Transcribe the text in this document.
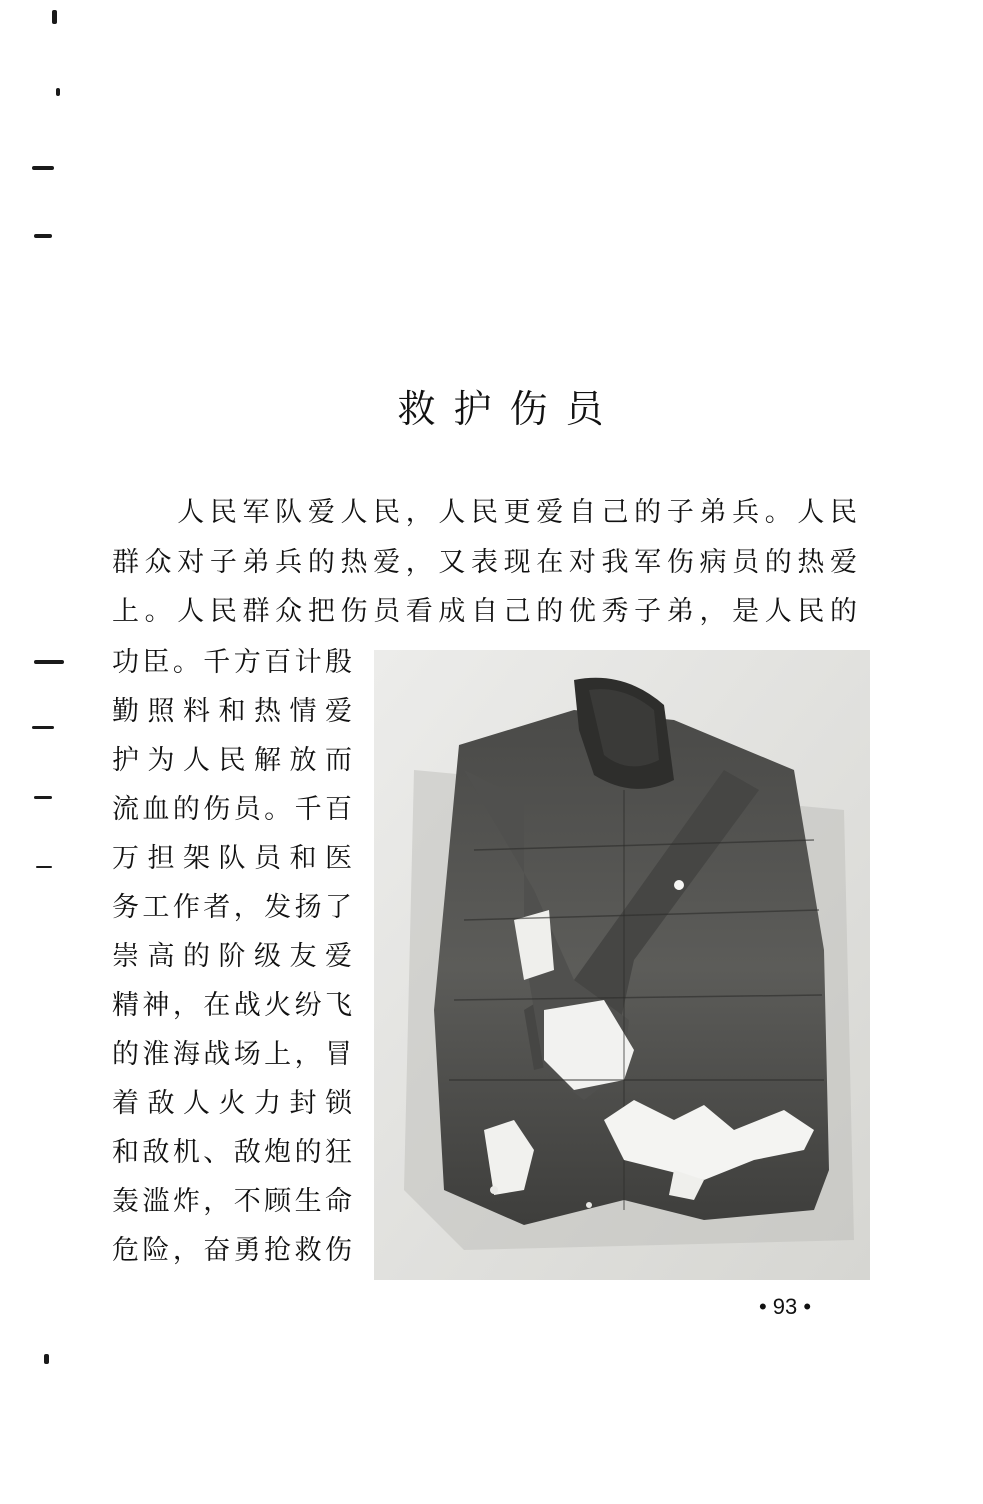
救护伤员
　　人民军队爱人民，人民更爱自己的子弟兵。人民
群众对子弟兵的热爱，又表现在对我军伤病员的热爱
上。人民群众把伤员看成自己的优秀子弟，是人民的
功臣。千方百计殷
勤照料和热情爱
护为人民解放而
流血的伤员。千百
万担架队员和医
务工作者，发扬了
崇高的阶级友爱
精神，在战火纷飞
的淮海战场上，冒
着敌人火力封锁
和敌机、敌炮的狂
轰滥炸，不顾生命
危险，奋勇抢救伤
• 93 •
